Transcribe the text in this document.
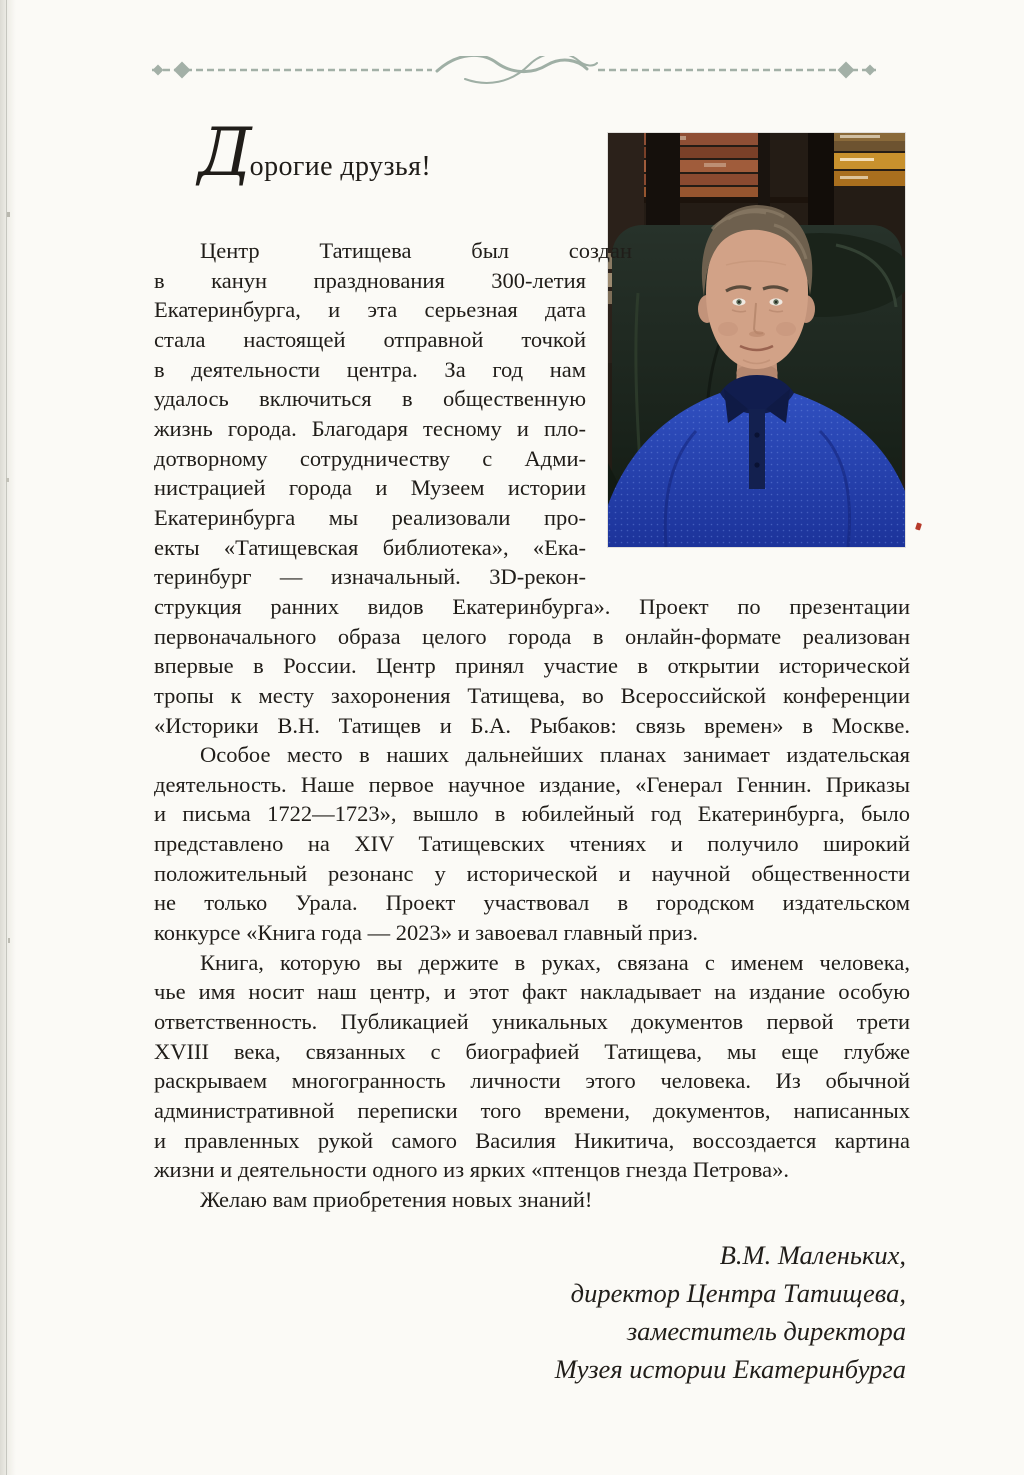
Д орогие друзья!
Центр Татищева был создан
в канун празднования 300-летия
Екатеринбурга, и эта серьезная дата
стала настоящей отправной точкой
в деятельности центра. За год нам
удалось включиться в общественную
жизнь города. Благодаря тесному и пло-
дотворному сотрудничеству с Адми-
нистрацией города и Музеем истории
Екатеринбурга мы реализовали про-
екты «Татищевская библиотека», «Ека-
теринбург — изначальный. 3D-рекон-
струкция ранних видов Екатеринбурга». Проект по презентации
первоначального образа целого города в онлайн-формате реализован
впервые в России. Центр принял участие в открытии исторической
тропы к месту захоронения Татищева, во Всероссийской конференции
«Историки В.Н. Татищев и Б.А. Рыбаков: связь времен» в Москве.
Особое место в наших дальнейших планах занимает издательская
деятельность. Наше первое научное издание, «Генерал Геннин. Приказы
и письма 1722—1723», вышло в юбилейный год Екатеринбурга, было
представлено на XIV Татищевских чтениях и получило широкий
положительный резонанс у исторической и научной общественности
не только Урала. Проект участвовал в городском издательском
конкурсе «Книга года — 2023» и завоевал главный приз.
Книга, которую вы держите в руках, связана с именем человека,
чье имя носит наш центр, и этот факт накладывает на издание особую
ответственность. Публикацией уникальных документов первой трети
XVIII века, связанных с биографией Татищева, мы еще глубже
раскрываем многогранность личности этого человека. Из обычной
административной переписки того времени, документов, написанных
и правленных рукой самого Василия Никитича, воссоздается картина
жизни и деятельности одного из ярких «птенцов гнезда Петрова».
Желаю вам приобретения новых знаний!
В.М. Маленьких,
директор Центра Татищева,
заместитель директора
Музея истории Екатеринбурга
